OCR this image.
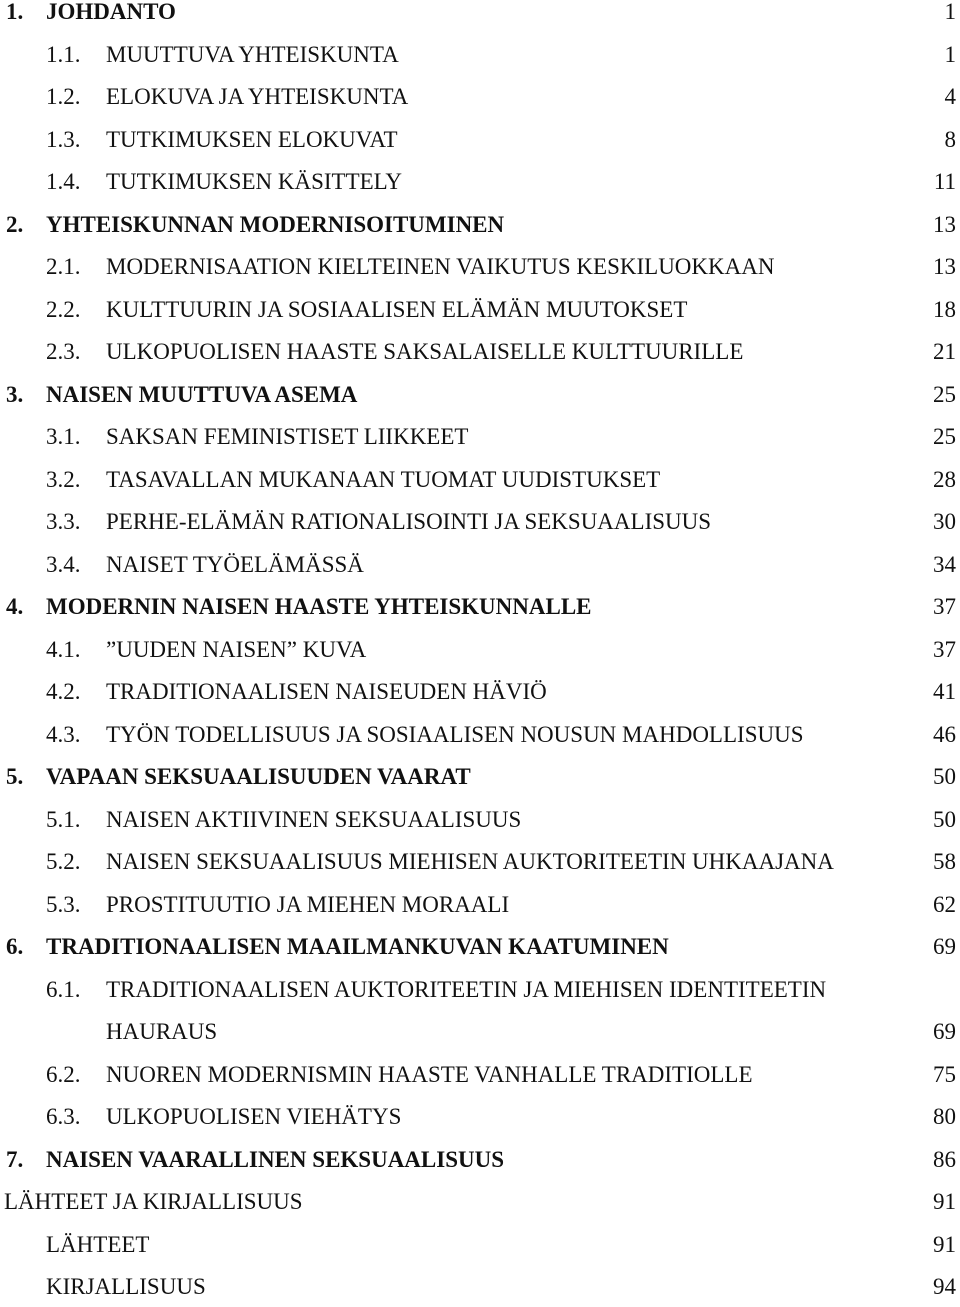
1. JOHDANTO	1
1.1. MUUTTUVA YHTEISKUNTA	1
1.2. ELOKUVA JA YHTEISKUNTA	4
1.3. TUTKIMUKSEN ELOKUVAT	8
1.4. TUTKIMUKSEN KÄSITTELY	11
2. YHTEISKUNNAN MODERNISOITUMINEN	13
2.1. MODERNISAATION KIELTEINEN VAIKUTUS KESKILUOKKAAN	13
2.2. KULTTUURIN JA SOSIAALISEN ELÄMÄN MUUTOKSET	18
2.3. ULKOPUOLISEN HAASTE SAKSALAISELLE KULTTUURILLE	21
3. NAISEN MUUTTUVA ASEMA	25
3.1. SAKSAN FEMINISTISET LIIKKEET	25
3.2. TASAVALLAN MUKANAAN TUOMAT UUDISTUKSET	28
3.3. PERHE-ELÄMÄN RATIONALISOINTI JA SEKSUAALISUUS	30
3.4. NAISET TYÖELÄMÄSSÄ	34
4. MODERNIN NAISEN HAASTE YHTEISKUNNALLE	37
4.1. ”UUDEN NAISEN” KUVA	37
4.2. TRADITIONAALISEN NAISEUDEN HÄVIÖ	41
4.3. TYÖN TODELLISUUS JA SOSIAALISEN NOUSUN MAHDOLLISUUS	46
5. VAPAAN SEKSUAALISUUDEN VAARAT	50
5.1. NAISEN AKTIIVINEN SEKSUAALISUUS	50
5.2. NAISEN SEKSUAALISUUS MIEHISEN AUKTORITEETIN UHKAAJANA	58
5.3. PROSTITUUTIO JA MIEHEN MORAALI	62
6. TRADITIONAALISEN MAAILMANKUVAN KAATUMINEN	69
6.1. TRADITIONAALISEN AUKTORITEETIN JA MIEHISEN IDENTITEETIN
HAURAUS	69
6.2. NUOREN MODERNISMIN HAASTE VANHALLE TRADITIOLLE	75
6.3. ULKOPUOLISEN VIEHÄTYS	80
7. NAISEN VAARALLINEN SEKSUAALISUUS	86
LÄHTEET JA KIRJALLISUUS	91
LÄHTEET	91
KIRJALLISUUS	94
